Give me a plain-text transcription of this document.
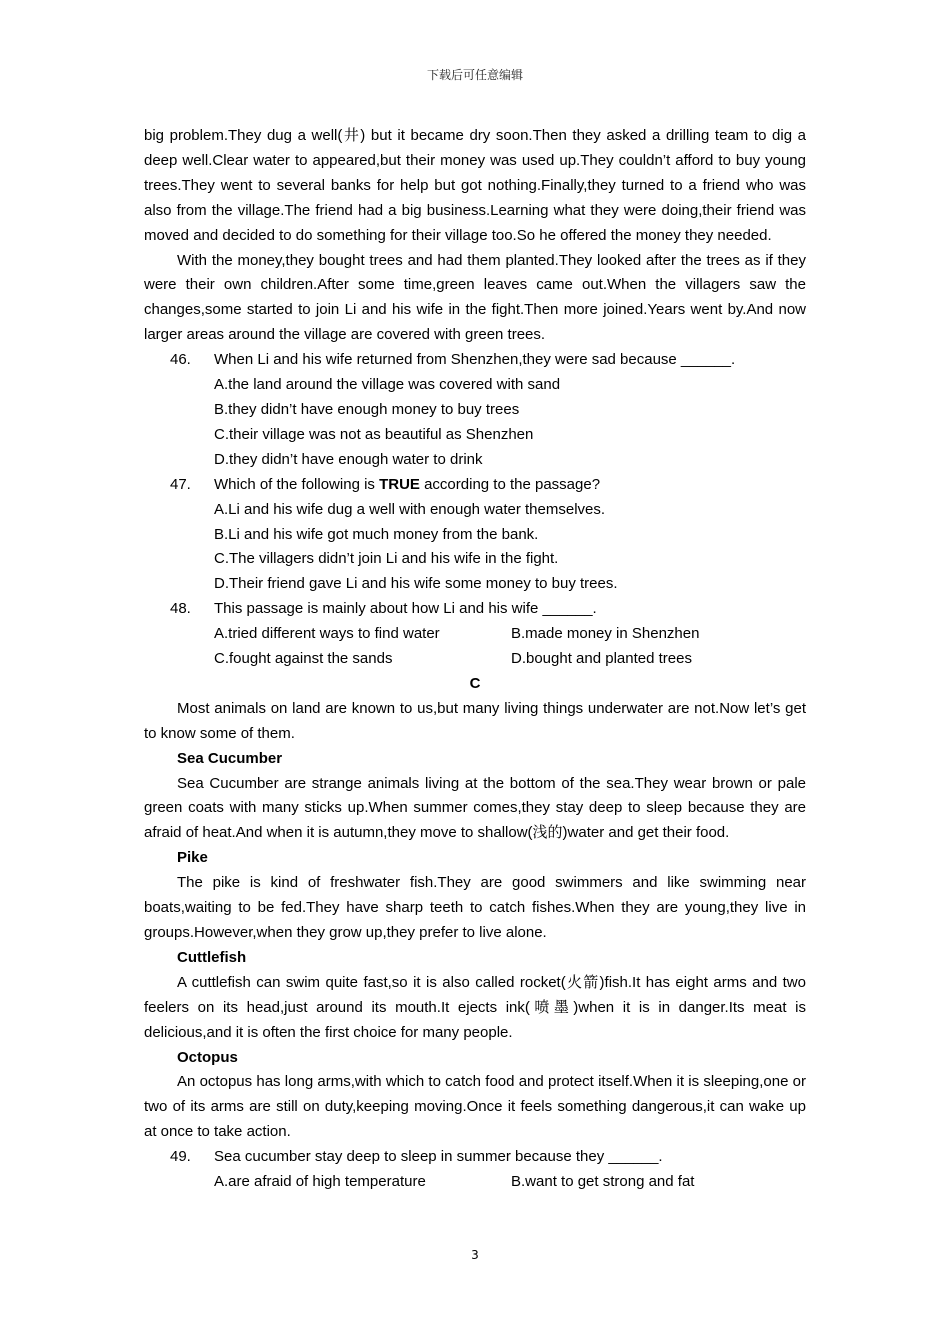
下载后可任意编辑

big problem.They dug a well(井) but it became dry soon.Then they asked a drilling team to dig a deep well.Clear water to appeared,but their money was used up.They couldn’t afford to buy young trees.They went to several banks for help but got nothing.Finally,they turned to a friend who was also from the village.The friend had a big business.Learning what they were doing,their friend was moved and decided to do something for their village too.So he offered the money they needed.

With the money,they bought trees and had them planted.They looked after the trees as if they were their own children.After some time,green leaves came out.When the villagers saw the changes,some started to join Li and his wife in the fight.Then more joined.Years went by.And now larger areas around the village are covered with green trees.

46.	When Li and his wife returned from Shenzhen,they were sad because ______.

A.the land around the village was covered with sand

B.they didn’t have enough money to buy trees

C.their village was not as beautiful as Shenzhen

D.they didn’t have enough water to drink

47.	Which of the following is TRUE according to the passage?

A.Li and his wife dug a well with enough water themselves.

B.Li and his wife got much money from the bank.

C.The villagers didn’t join Li and his wife in the fight.

D.Their friend gave Li and his wife some money to buy trees.

48.	This passage is mainly about how Li and his wife ______.
A.tried different ways to find water	B.made money in Shenzhen
C.fought against the sands	D.bought and planted trees

C

Most animals on land are known to us,but many living things underwater are not.Now let’s get to know some of them.

Sea Cucumber

Sea Cucumber are strange animals living at the bottom of the sea.They wear brown or pale green coats with many sticks up.When summer comes,they stay deep to sleep because they are afraid of heat.And when it is autumn,they move to shallow(浅的)water and get their food.

Pike

The pike is kind of freshwater fish.They are good swimmers and like swimming near boats,waiting to be fed.They have sharp teeth to catch fishes.When they are young,they live in groups.However,when they grow up,they prefer to live alone.

Cuttlefish

A cuttlefish can swim quite fast,so it is also called rocket(火箭)fish.It has eight arms and two feelers on its head,just around its mouth.It ejects ink(喷墨)when it is in danger.Its meat is delicious,and it is often the first choice for many people.

Octopus

An octopus has long arms,with which to catch food and protect itself.When it is sleeping,one or two of its arms are still on duty,keeping moving.Once it feels something dangerous,it can wake up at once to take action.

49.	Sea cucumber stay deep to sleep in summer because they ______.
A.are afraid of high temperature	B.want to get strong and fat
3
